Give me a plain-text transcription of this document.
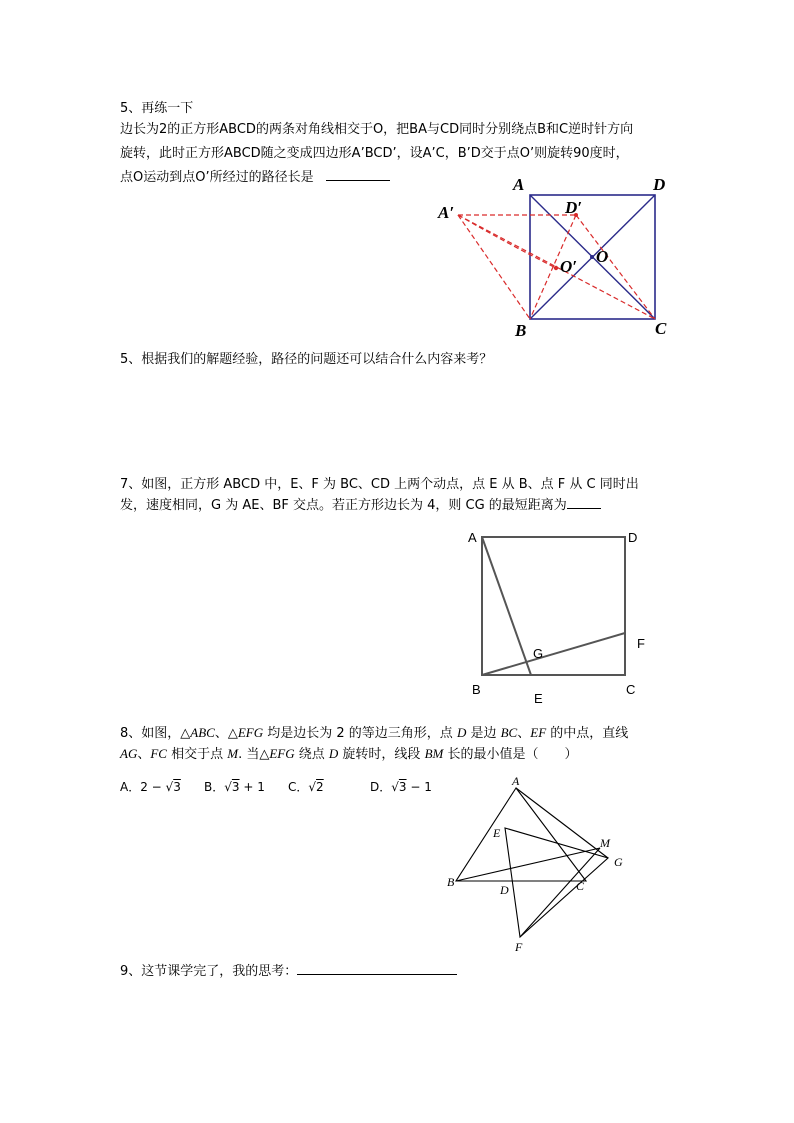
5、再练一下
边长为2的正方形ABCD的两条对角线相交于O，把BA与CD同时分别绕点B和C逆时针方向
旋转，此时正方形ABCD随之变成四边形A’BCD’，设A’C，B’D交于点O’则旋转90度时，
点O运动到点O’所经过的路径长是	A	D
A′	D′
O
O′
B	C
5、根据我们的解题经验，路径的问题还可以结合什么内容来考？
7、如图，正方形 ABCD 中，E、F 为 BC、CD 上两个动点，点 E 从 B、点 F 从 C 同时出
发，速度相同，G 为 AE、BF 交点。若正方形边长为 4，则 CG 的最短距离为
A	D
B	C
E
F
G
8、如图，△ABC、△EFG 均是边长为 2 的等边三角形，点 D 是边 BC、EF 的中点，直线
AG、FC 相交于点 M. 当△EFG 绕点 D 旋转时，线段 BM 长的最小值是（　　）
A．2 − √3 B．√3 + 1 C．√2	D．√3 − 1	A
E
M
G
B
D	C
F
9、这节课学完了，我的思考：
